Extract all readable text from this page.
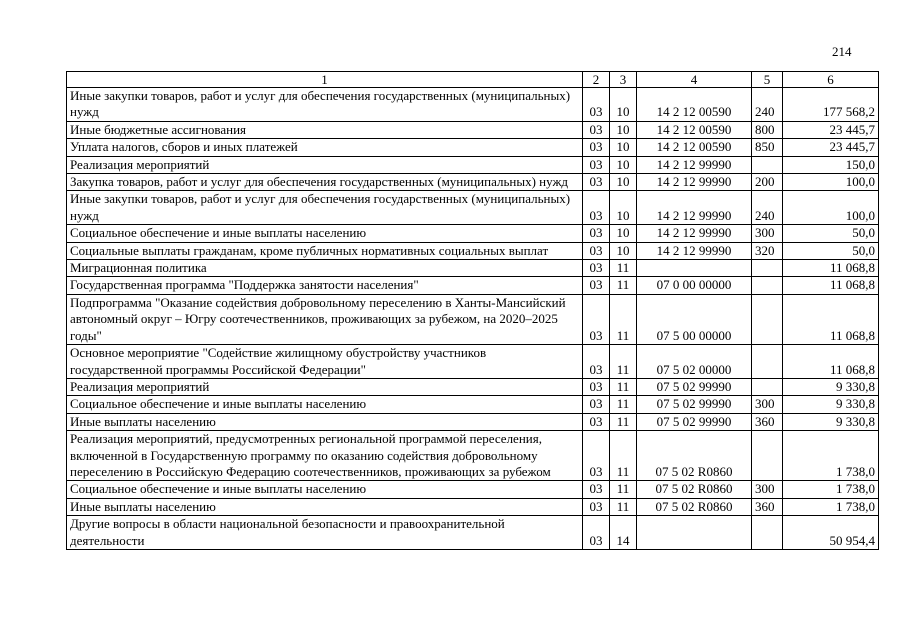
214
1	2	3	4	5	6
Иные закупки товаров, работ и услуг для обеспечения государственных (муниципальных) нужд	03	10	14 2 12 00590	240	177 568,2
Иные бюджетные ассигнования	03	10	14 2 12 00590	800	23 445,7
Уплата налогов, сборов и иных платежей	03	10	14 2 12 00590	850	23 445,7
Реализация мероприятий	03	10	14 2 12 99990		150,0
Закупка товаров, работ и услуг для обеспечения государственных (муниципальных) нужд	03	10	14 2 12 99990	200	100,0
Иные закупки товаров, работ и услуг для обеспечения государственных (муниципальных) нужд	03	10	14 2 12 99990	240	100,0
Социальное обеспечение и иные выплаты населению	03	10	14 2 12 99990	300	50,0
Социальные выплаты гражданам, кроме публичных нормативных социальных выплат	03	10	14 2 12 99990	320	50,0
Миграционная политика	03	11			11 068,8
Государственная программа "Поддержка занятости населения"	03	11	07 0 00 00000		11 068,8
Подпрограмма "Оказание содействия добровольному переселению в Ханты-Мансийский автономный округ – Югру соотечественников, проживающих за рубежом, на 2020–2025 годы"	03	11	07 5 00 00000		11 068,8
Основное мероприятие "Содействие жилищному обустройству участников государственной программы Российской Федерации"	03	11	07 5 02 00000		11 068,8
Реализация мероприятий	03	11	07 5 02 99990		9 330,8
Социальное обеспечение и иные выплаты населению	03	11	07 5 02 99990	300	9 330,8
Иные выплаты населению	03	11	07 5 02 99990	360	9 330,8
Реализация мероприятий, предусмотренных региональной программой переселения, включенной в Государственную программу по оказанию содействия добровольному переселению в Российскую Федерацию соотечественников, проживающих за рубежом	03	11	07 5 02 R0860		1 738,0
Социальное обеспечение и иные выплаты населению	03	11	07 5 02 R0860	300	1 738,0
Иные выплаты населению	03	11	07 5 02 R0860	360	1 738,0
Другие вопросы в области национальной безопасности и правоохранительной деятельности	03	14			50 954,4
